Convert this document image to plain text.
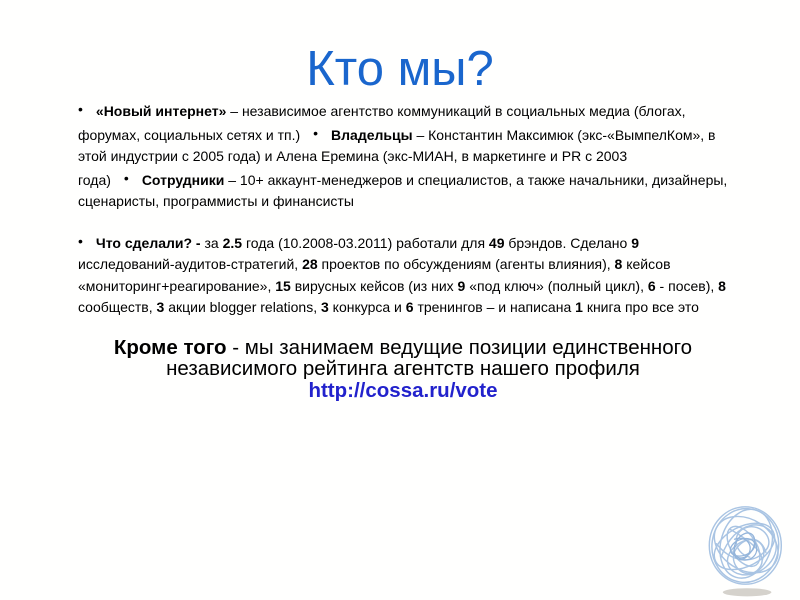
Кто мы?
• «Новый интернет» – независимое агентство коммуникаций в социальных медиа (блогах, форумах, социальных сетях и тп.) • Владельцы – Константин Максимюк (экс-«ВымпелКом», в этой индустрии с 2005 года) и Алена Еремина (экс-МИАН, в маркетинге и PR с 2003 года) • Сотрудники – 10+ аккаунт-менеджеров и специалистов, а также начальники, дизайнеры, сценаристы, программисты и финансисты
• Что сделали? - за 2.5 года (10.2008-03.2011) работали для 49 брэндов. Сделано 9 исследований-аудитов-стратегий, 28 проектов по обсуждениям (агенты влияния), 8 кейсов «мониторинг+реагирование», 15 вирусных кейсов (из них 9 «под ключ» (полный цикл), 6 - посев), 8 сообществ, 3 акции blogger relations, 3 конкурса и 6 тренингов – и написана 1 книга про все это
Кроме того - мы занимаем ведущие позиции единственного независимого рейтинга агентств нашего профиля
http://cossa.ru/vote
